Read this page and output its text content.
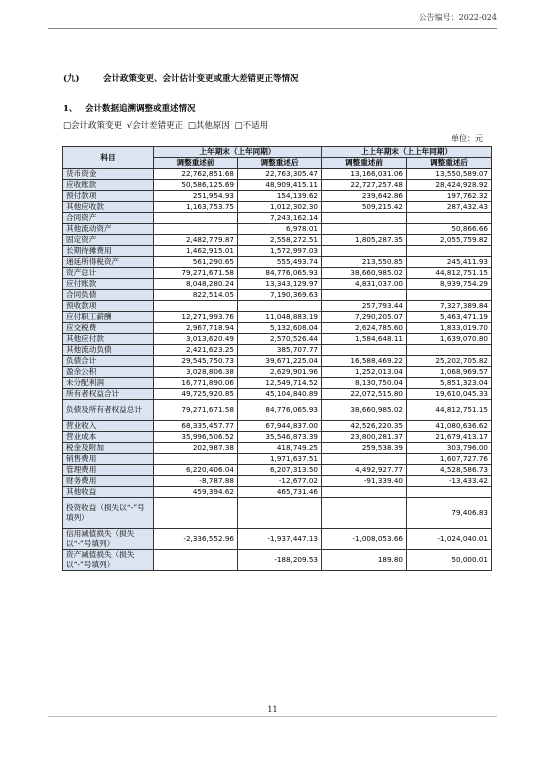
公告编号：2022-024
(九)	会计政策变更、会计估计变更或重大差错更正等情况
1、 会计数据追溯调整或重述情况
□会计政策变更 √会计差错更正 □其他原因 □不适用
单位：元
科目	上年期末（上年同期）		上上年期末（上上年同期）	
	调整重述前	调整重述后	调整重述前	调整重述后
货币资金	22,762,851.68	22,763,305.47	13,166,031.06	13,550,589.07
应收账款	50,586,125.69	48,909,415.11	22,727,257.48	28,424,928.92
预付款项	251,954.93	154,139.62	239,642.86	197,762.32
其他应收款	1,163,753.75	1,012,302.30	509,215.42	287,432.43
合同资产		7,243,162.14		
其他流动资产		6,978.01		50,866.66
固定资产	2,482,779.87	2,558,272.51	1,805,287.35	2,055,759.82
长期待摊费用	1,462,915.01	1,572,997.03		
递延所得税资产	561,290.65	555,493.74	213,550.85	245,411.93
资产总计	79,271,671.58	84,776,065.93	38,660,985.02	44,812,751.15
应付账款	8,048,280.24	13,343,129.97	4,831,037.00	8,939,754.29
合同负债	822,514.05	7,190,369.63		
预收款项			257,793.44	7,327,389.84
应付职工薪酬	12,271,993.76	11,048,883.19	7,290,205.07	5,463,471.19
应交税费	2,967,718.94	5,132,608.04	2,624,785.60	1,833,019.70
其他应付款	3,013,620.49	2,570,526.44	1,584,648.11	1,639,070.80
其他流动负债	2,421,623.25	385,707.77		
负债合计	29,545,750.73	39,671,225.04	16,588,469.22	25,202,705.82
盈余公积	3,028,806.38	2,629,901.96	1,252,013.04	1,068,969.57
未分配利润	16,771,890.06	12,549,714.52	8,130,750.04	5,851,323.04
所有者权益合计	49,725,920.85	45,104,840.89	22,072,515.80	19,610,045.33
负债及所有者权益总计	79,271,671.58	84,776,065.93	38,660,985.02	44,812,751.15
营业收入	68,335,457.77	67,944,837.00	42,526,220.35	41,080,636.62
营业成本	35,996,506.52	35,546,873.39	23,800,281.37	21,679,413.17
税金及附加	202,987.38	418,749.25	259,538.39	303,796.00
销售费用		1,971,637.51		1,607,727.76
管理费用	6,220,406.04	6,207,313.50	4,492,927.77	4,528,586.73
财务费用	-8,787.88	-12,677.02	-91,339.40	-13,433.42
其他收益	459,394.62	465,731.46		
投资收益（损失以“-”号填列）				79,406.83
信用减值损失（损失以“-”号填列）	-2,336,552.96	-1,937,447.13	-1,008,053.66	-1,024,040.01
资产减值损失（损失以“-”号填列）		-188,209.53	189.80	50,000.01
11
